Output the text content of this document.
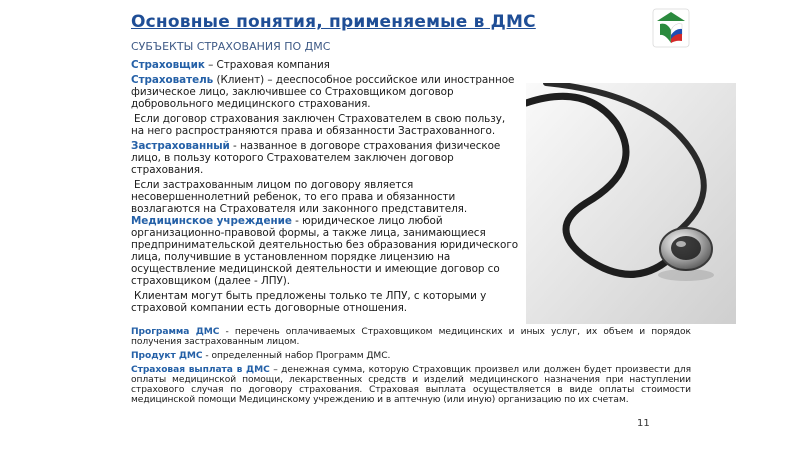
Основные понятия, применяемые в ДМС
СУБЪЕКТЫ СТРАХОВАНИЯ ПО ДМС

Страховщик – Страховая компания

Страхователь (Клиент) – дееспособное российское или иностранное физическое лицо, заключившее со Страховщиком договор добровольного медицинского страхования.

Если договор страхования заключен Страхователем в свою пользу, на него распространяются права и обязанности Застрахованного.

Застрахованный - названное в договоре страхования физическое лицо, в пользу которого Страхователем заключен договор страхования.

Если застрахованным лицом по договору является несовершеннолетний ребенок, то его права и обязанности возлагаются на Страхователя или законного представителя.

Медицинское учреждение - юридическое лицо любой организационно-правовой формы, а также лица, занимающиеся предпринимательской деятельностью без образования юридического лица, получившие в установленном порядке лицензию на осуществление медицинской деятельности и имеющие договор со страховщиком (далее - ЛПУ).

Клиентам могут быть предложены только те ЛПУ, с которыми у страховой компании есть договорные отношения.

Программа ДМС - перечень оплачиваемых Страховщиком медицинских и иных услуг, их объем и порядок получения застрахованным лицом.

Продукт ДМС - определенный набор Программ ДМС.

Страховая выплата в ДМС – денежная сумма, которую Страховщик произвел или должен будет произвести для оплаты медицинской помощи, лекарственных средств и изделий медицинского назначения при наступлении страхового случая по договору страхования. Страховая выплата осуществляется в виде оплаты стоимости медицинской помощи Медицинскому учреждению и в аптечную (или иную) организацию по их счетам.

11
